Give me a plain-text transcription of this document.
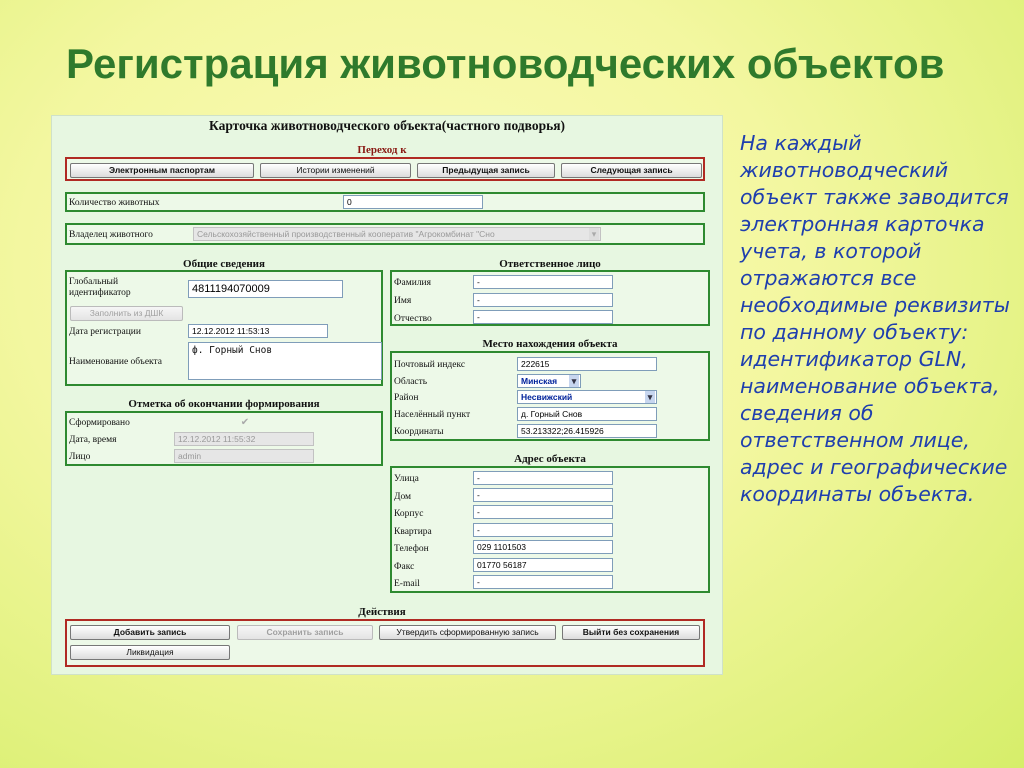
Регистрация животноводческих объектов

На каждый животноводческий объект также заводится электронная карточка учета, в которой отражаются все необходимые реквизиты по данному объекту: идентификатор GLN, наименование объекта, сведения об ответственном лице, адрес и географические координаты объекта.

Карточка животноводческого объекта(частного подворья)
Переход к
Электронным паспортам	Истории изменений	Предыдущая запись	Следующая запись
Количество животных	0
Владелец животного	Сельскохозяйственный производственный кооператив "Агрокомбинат "Сно ▾
Общие сведения
Глобальный идентификатор	4811194070009
Заполнить из ДШК
Дата регистрации	12.12.2012 11:53:13
Наименование объекта
ф. Горный Снов
Отметка об окончании формирования
Сформировано	✔
Дата, время	12.12.2012 11:55:32
Лицо	admin
Ответственное лицо
Фамилия	-
Имя	-
Отчество	-
Место нахождения объекта
Почтовый индекс	222615
Область	Минская ▾
Район	Несвижский ▾
Населённый пункт	д. Горный Снов
Координаты	53.213322;26.415926
Адрес объекта
Улица	-
Дом	-
Корпус	-
Квартира	-
Телефон	029 1101503
Факс	01770 56187
E-mail	-
Действия
Добавить запись	Сохранить запись	Утвердить сформированную запись	Выйти без сохранения
Ликвидация
